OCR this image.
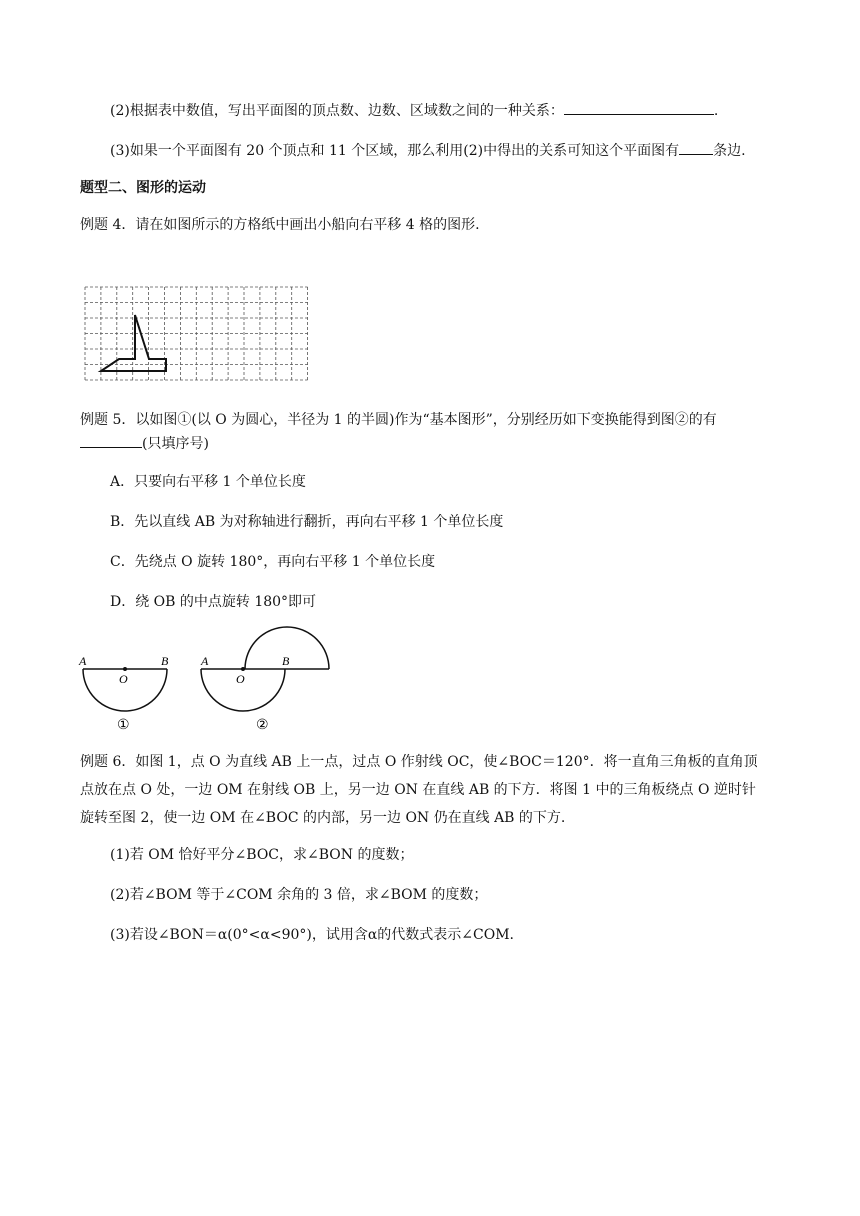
(2)根据表中数值，写出平面图的顶点数、边数、区域数之间的一种关系：	.
(3)如果一个平面图有 20 个顶点和 11 个区域，那么利用(2)中得出的关系可知这个平面图有 条边.
题型二、图形的运动
例题 4．请在如图所示的方格纸中画出小船向右平移 4 格的图形.
例题 5．以如图①(以 O 为圆心，半径为 1 的半圆)作为“基本图形”，分别经历如下变换能得到图②的有
(只填序号)
A．只要向右平移 1 个单位长度
B．先以直线 AB 为对称轴进行翻折，再向右平移 1 个单位长度
C．先绕点 O 旋转 180°，再向右平移 1 个单位长度
D．绕 OB 的中点旋转 180°即可
A	B
O
①
A	B
O
②
例题 6．如图 1，点 O 为直线 AB 上一点，过点 O 作射线 OC，使∠BOC＝120°．将一直角三角板的直角顶
点放在点 O 处，一边 OM 在射线 OB 上，另一边 ON 在直线 AB 的下方．将图 1 中的三角板绕点 O 逆时针
旋转至图 2，使一边 OM 在∠BOC 的内部，另一边 ON 仍在直线 AB 的下方.
(1)若 OM 恰好平分∠BOC，求∠BON 的度数；
(2)若∠BOM 等于∠COM 余角的 3 倍，求∠BOM 的度数；
(3)若设∠BON＝α(0°<α<90°)，试用含α的代数式表示∠COM.
